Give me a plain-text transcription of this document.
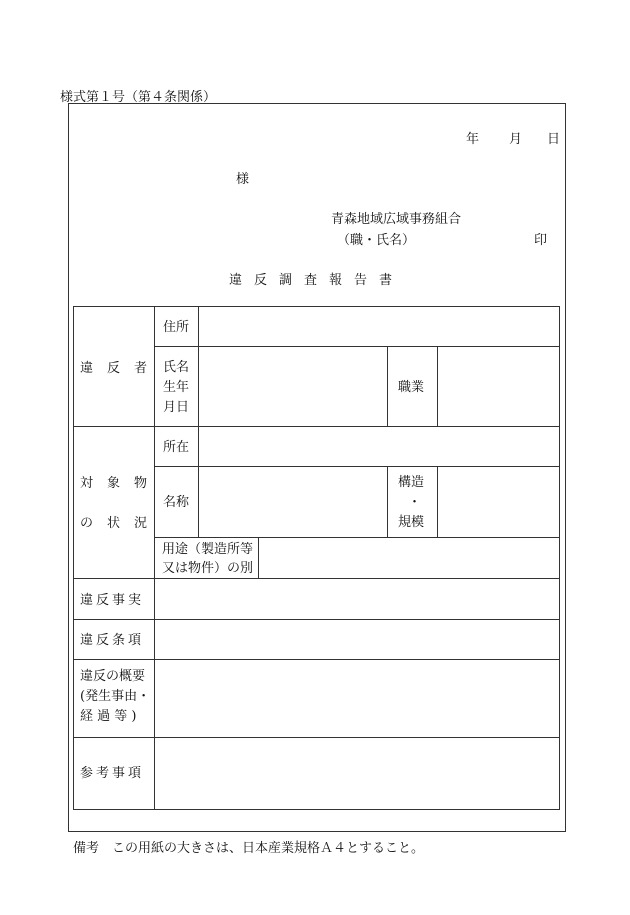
様式第１号（第４条関係）
年 月 日
様
青森地域広域事務組合
（職・氏名）	印
違 反 調 査 報 告 書
違 反 者
住所
氏名
生年
月日
職業
対 象 物
の 状 況
所在
名称
構造
・
規模
用途（製造所等
又は物件）の別
違反事実
違反条項
違反の概要
(発生事由・
経 過 等 )
参考事項
備考　この用紙の大きさは、日本産業規格Ａ４とすること。
